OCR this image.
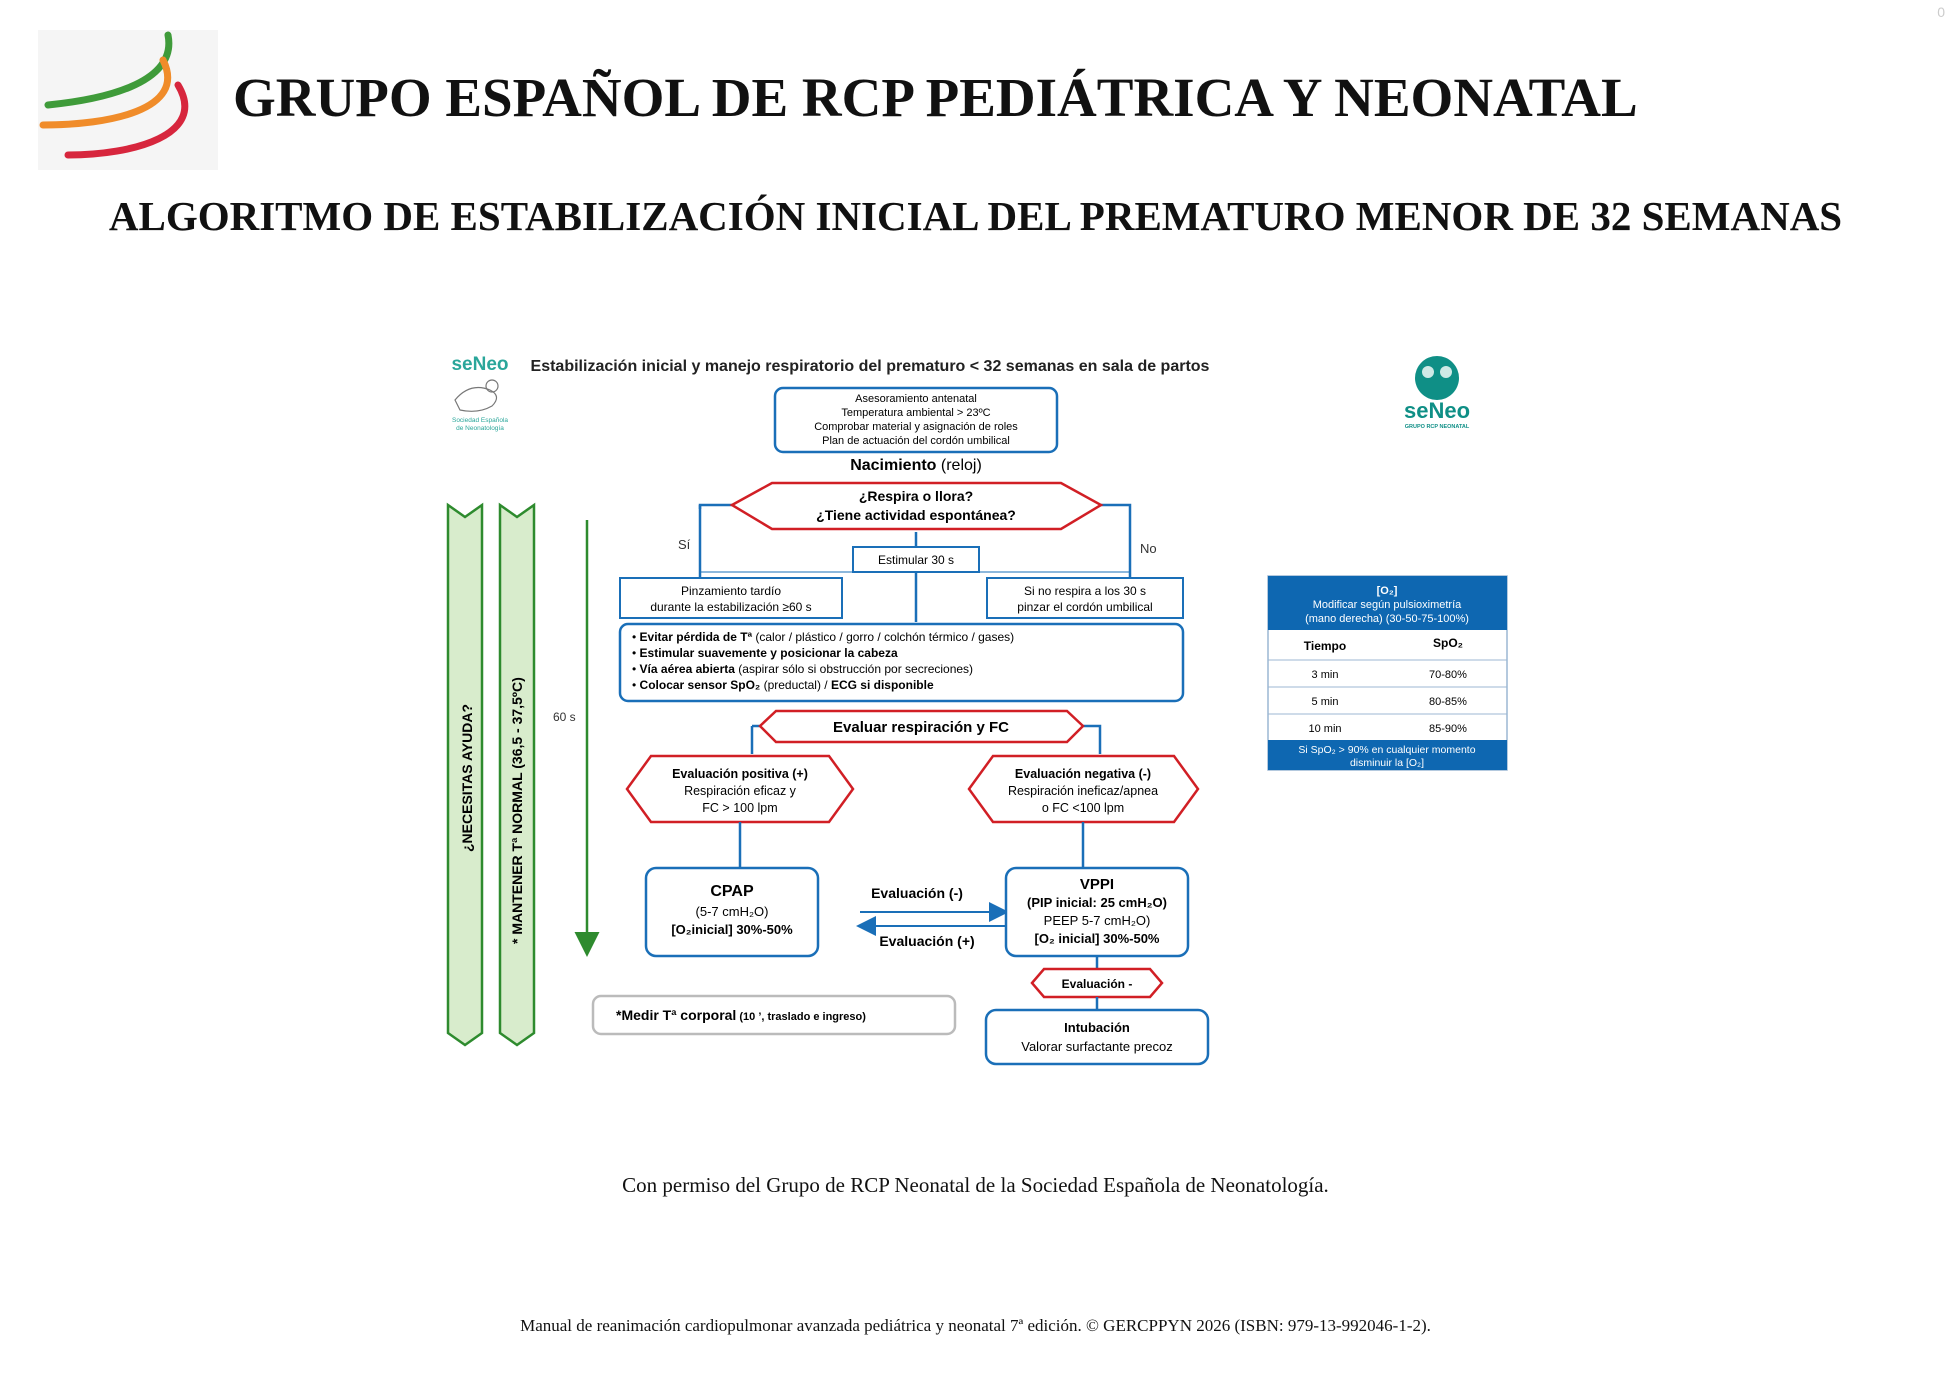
0
GRUPO ESPAÑOL DE RCP PEDIÁTRICA Y NEONATAL
ALGORITMO DE ESTABILIZACIÓN INICIAL DEL PREMATURO MENOR DE 32 SEMANAS
seNeo
Sociedad Española
de Neonatología
seNeo
GRUPO RCP NEONATAL
Estabilización inicial y manejo respiratorio del prematuro < 32 semanas en sala de partos
Asesoramiento antenatal
Temperatura ambiental > 23ºC
Comprobar material y asignación de roles
Plan de actuación del cordón umbilical
Nacimiento (reloj)
¿Respira o llora?
¿Tiene actividad espontánea?
Sí	No
Estimular 30 s
Pinzamiento tardío
durante la estabilización ≥60 s
Si no respira a los 30 s
pinzar el cordón umbilical
• Evitar pérdida de Tª (calor / plástico / gorro / colchón térmico / gases)
• Estimular suavemente y posicionar la cabeza
• Vía aérea abierta (aspirar sólo si obstrucción por secreciones)
• Colocar sensor SpO₂ (preductal) / ECG si disponible
Evaluar respiración y FC
Evaluación positiva (+)
Respiración eficaz y
FC > 100 lpm
Evaluación negativa (-)
Respiración ineficaz/apnea
o FC <100 lpm
CPAP
(5-7 cmH₂O)
[O₂inicial] 30%-50%
Evaluación (-)
Evaluación (+)
VPPI
(PIP inicial: 25 cmH₂O)
PEEP 5-7 cmH₂O)
[O₂ inicial] 30%-50%
Evaluación -
Intubación
Valorar surfactante precoz
*Medir Tª corporal (10 ’, traslado e ingreso)
¿NECESITAS AYUDA? * MANTENER Tª NORMAL (36,5 - 37,5ºC) 60 s
[O₂]
Modificar según pulsioximetría
(mano derecha) (30-50-75-100%)
Tiempo	SpO₂
3 min	70-80%
5 min	80-85%
10 min	85-90%
Si SpO₂ > 90% en cualquier momento
disminuir la [O₂]
Con permiso del Grupo de RCP Neonatal de la Sociedad Española de Neonatología.
Manual de reanimación cardiopulmonar avanzada pediátrica y neonatal 7ª edición. © GERCPPYN 2026 (ISBN: 979-13-992046-1-2).
